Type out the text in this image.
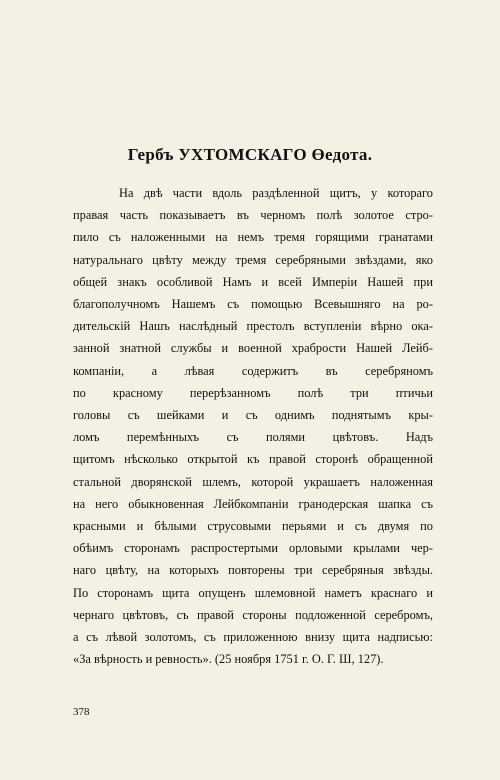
Гербъ УХТОМСКАГО Өедота.
На двѣ части вдоль раздѣленной щитъ, у котораго
правая часть показываетъ въ черномъ полѣ золотое стро-
пило съ наложенными на немъ тремя горящими гранатами
натуральнаго цвѣту между тремя серебряными звѣздами, яко
общей знакъ особливой Намъ и всей Имперіи Нашей при
благополучномъ Нашемъ съ помощью Всевышняго на ро-
дительскій Нашъ наслѣдный престолъ вступленіи вѣрно ока-
занной знатной службы и военной храбрости Нашей Лейб-
компаніи, а лѣвая содержитъ въ серебряномъ
по красному перерѣзанномъ полѣ три птичьи
головы съ шейками и съ однимъ поднятымъ кры-
ломъ перемѣнныхъ съ полями цвѣтовъ. Надъ
щитомъ нѣсколько открытой къ правой сторонѣ обращенной
стальной дворянской шлемъ, которой украшаетъ наложенная
на него обыкновенная Лейбкомпаніи гранодерская шапка съ
красными и бѣлыми струсовыми перьями и съ двумя по
обѣимъ сторонамъ распростертыми орловыми крылами чер-
наго цвѣту, на которыхъ повторены три серебряныя звѣзды.
По сторонамъ щита опущенъ шлемовной наметъ краснаго и
чернаго цвѣтовъ, съ правой стороны подложенной серебромъ,
а съ лѣвой золотомъ, съ приложенною внизу щита надписью:
«За вѣрность и ревность». (25 ноября 1751 г. О. Г. Ш, 127).
378
